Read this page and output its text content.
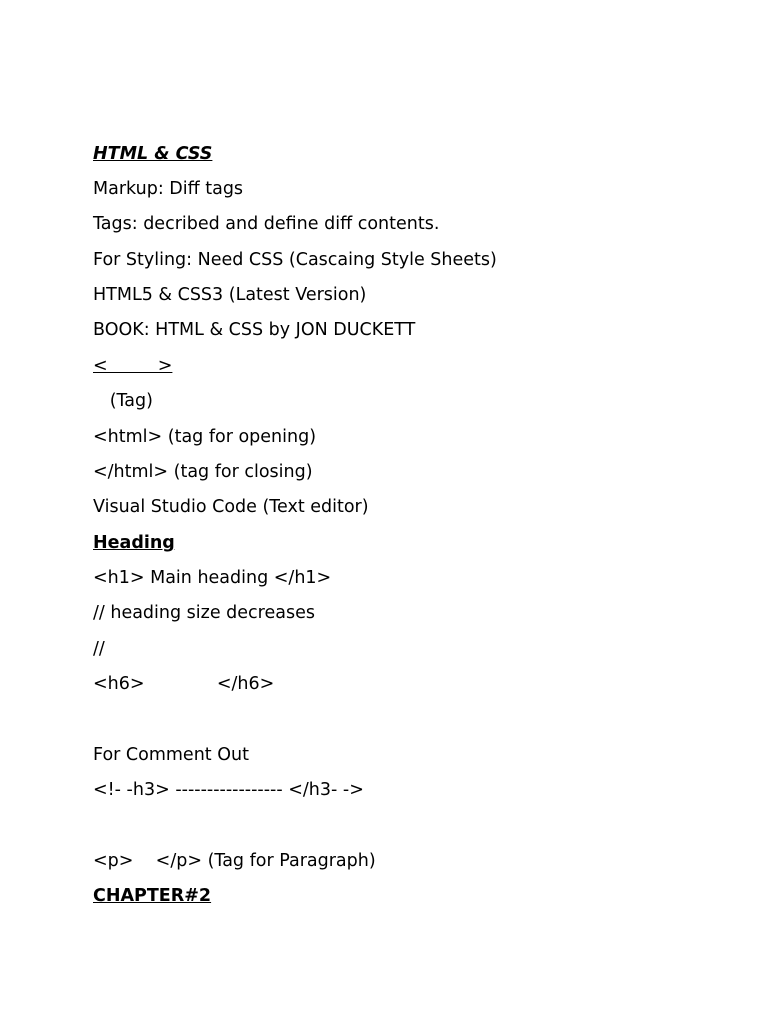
HTML & CSS
Markup: Diff tags
Tags: decribed and define diff contents.
For Styling: Need CSS (Cascaing Style Sheets)
HTML5 & CSS3 (Latest Version)
BOOK: HTML & CSS by JON DUCKETT
<         >
(Tag)
<html> (tag for opening)
</html> (tag for closing)
Visual Studio Code (Text editor)
Heading
<h1> Main heading </h1>
// heading size decreases
//
<h6>             </h6>
For Comment Out
<!- -h3> ----------------- </h3- ->
<p>    </p> (Tag for Paragraph)
CHAPTER#2
